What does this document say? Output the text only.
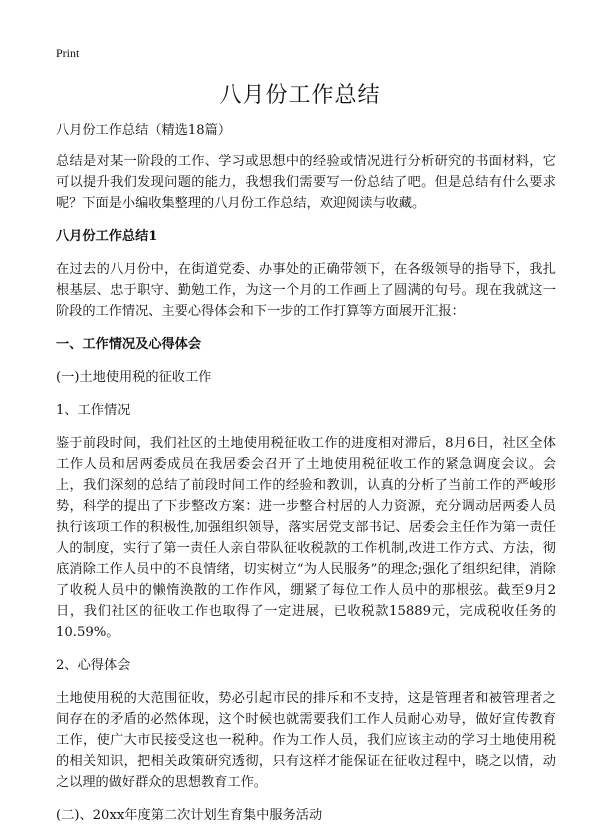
Print
八月份工作总结

八月份工作总结（精选18篇）

总结是对某一阶段的工作、学习或思想中的经验或情况进行分析研究的书面材料，它可以提升我们发现问题的能力，我想我们需要写一份总结了吧。但是总结有什么要求呢？下面是小编收集整理的八月份工作总结，欢迎阅读与收藏。

八月份工作总结1

在过去的八月份中，在街道党委、办事处的正确带领下，在各级领导的指导下，我扎根基层、忠于职守、勤勉工作，为这一个月的工作画上了圆满的句号。现在我就这一阶段的工作情况、主要心得体会和下一步的工作打算等方面展开汇报：

一、工作情况及心得体会

(一)土地使用税的征收工作

1、工作情况

鉴于前段时间，我们社区的土地使用税征收工作的进度相对滞后，8月6日，社区全体工作人员和居两委成员在我居委会召开了土地使用税征收工作的紧急调度会议。会上，我们深刻的总结了前段时间工作的经验和教训，认真的分析了当前工作的严峻形势，科学的提出了下步整改方案：进一步整合村居的人力资源，充分调动居两委人员执行该项工作的积极性,加强组织领导，落实居党支部书记、居委会主任作为第一责任人的制度，实行了第一责任人亲自带队征收税款的工作机制,改进工作方式、方法，彻底消除工作人员中的不良情绪，切实树立“为人民服务”的理念;强化了组织纪律，消除了收税人员中的懒惰涣散的工作作风，绷紧了每位工作人员中的那根弦。截至9月2日，我们社区的征收工作也取得了一定进展，已收税款15889元，完成税收任务的10.59%。

2、心得体会

土地使用税的大范围征收，势必引起市民的排斥和不支持，这是管理者和被管理者之间存在的矛盾的必然体现，这个时候也就需要我们工作人员耐心劝导，做好宣传教育工作，使广大市民接受这也一税种。作为工作人员，我们应该主动的学习土地使用税的相关知识，把相关政策研究透彻，只有这样才能保证在征收过程中，晓之以情，动之以理的做好群众的思想教育工作。

(二)、20xx年度第二次计划生育集中服务活动
